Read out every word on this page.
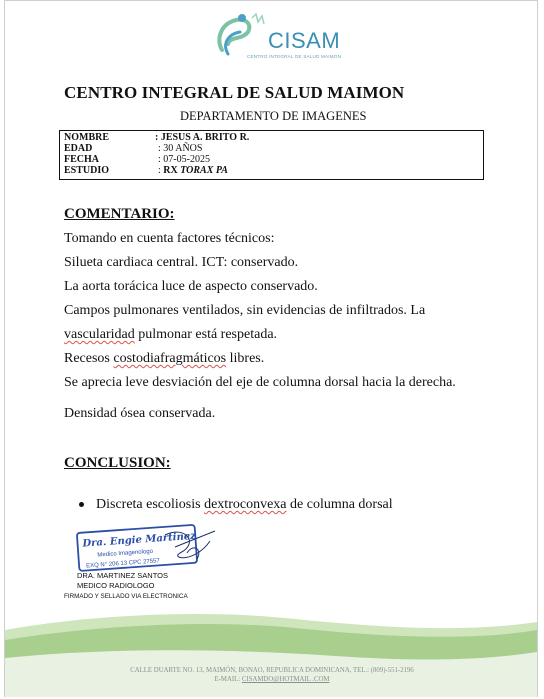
CISAM
CENTRO INTEGRAL DE SALUD MAIMON
CENTRO INTEGRAL DE SALUD MAIMON
DEPARTAMENTO DE IMAGENES
NOMBRE	: JESUS A. BRITO R.
EDAD	: 30 AÑOS
FECHA	: 07-05-2025
ESTUDIO	: RX TORAX PA
COMENTARIO:
Tomando en cuenta factores técnicos:
Silueta cardiaca central. ICT: conservado.
La aorta torácica luce de aspecto conservado.
Campos pulmonares ventilados, sin evidencias de infiltrados. La
vascularidad pulmonar está respetada.
Recesos costodiafragmáticos libres.
Se aprecia leve desviación del eje de columna dorsal hacia la derecha.
Densidad ósea conservada.
CONCLUSION:
Discreta escoliosis dextroconvexa de columna dorsal
Dra. Engie Martinez
Medico Imagenologo
EXQ N° 206 13 CPC 27557
DRA. MARTINEZ SANTOS
MEDICO RADIOLOGO
FIRMADO Y SELLADO VIA ELECTRONICA
CALLE DUARTE NO. 13, MAIMÓN, BONAO, REPUBLICA DOMINICANA, TEL.: (809)-551-2196
E-MAIL: CISAMDO@HOTMAIL .COM
